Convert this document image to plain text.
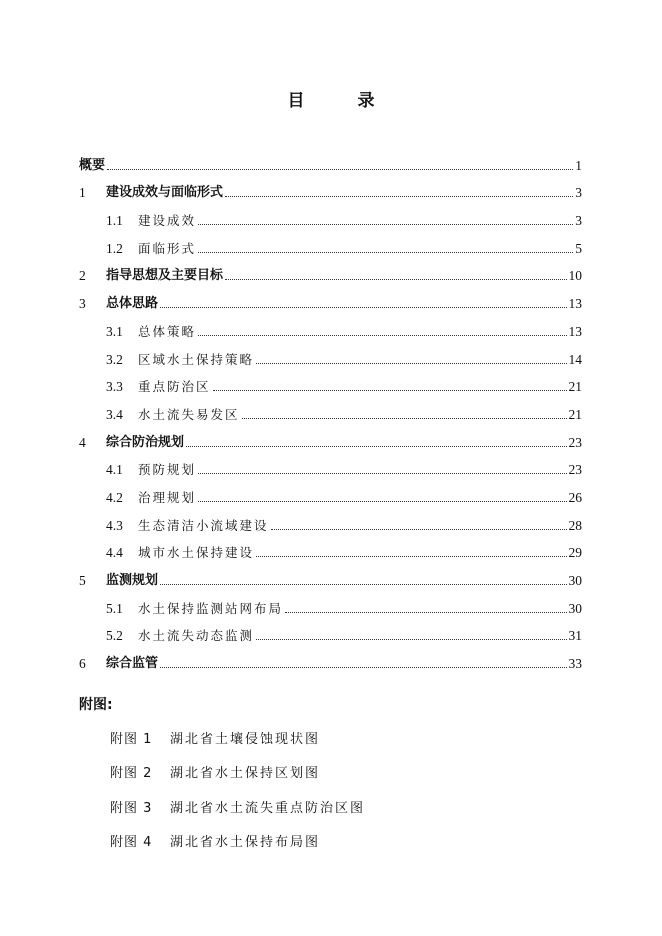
目　录
概要	1
1	建设成效与面临形式	3
1.1	建设成效	3
1.2	面临形式	5
2	指导思想及主要目标	10
3	总体思路	13
3.1	总体策略	13
3.2	区域水土保持策略	14
3.3	重点防治区	21
3.4	水土流失易发区	21
4	综合防治规划	23
4.1	预防规划	23
4.2	治理规划	26
4.3	生态清洁小流域建设	28
4.4	城市水土保持建设	29
5	监测规划	30
5.1	水土保持监测站网布局	30
5.2	水土流失动态监测	31
6	综合监管	33
附图:
附图 1 湖北省土壤侵蚀现状图
附图 2 湖北省水土保持区划图
附图 3 湖北省水土流失重点防治区图
附图 4 湖北省水土保持布局图
